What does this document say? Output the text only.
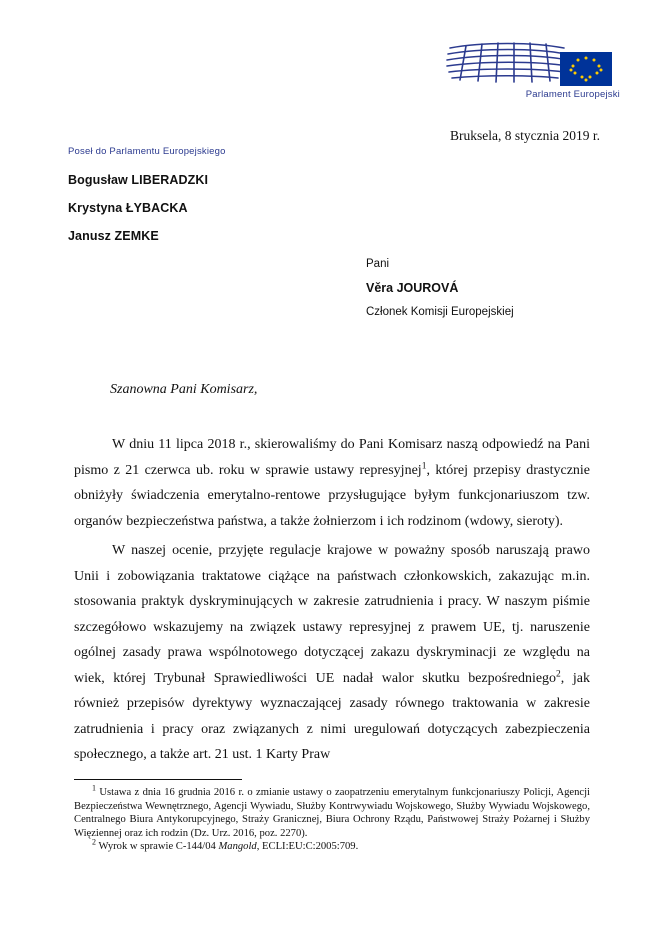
Parlament Europejski
Bruksela, 8 stycznia 2019 r.
Poseł do Parlamentu Europejskiego
Bogusław LIBERADZKI
Krystyna ŁYBACKA
Janusz ZEMKE
Pani
Věra JOUROVÁ
Członek Komisji Europejskiej
Szanowna Pani Komisarz,

W dniu 11 lipca 2018 r., skierowaliśmy do Pani Komisarz naszą odpowiedź na Pani pismo z 21 czerwca ub. roku w sprawie ustawy represyjnej$^1$, której przepisy drastycznie obniżyły świadczenia emerytalno-rentowe przysługujące byłym funkcjonariuszom tzw. organów bezpieczeństwa państwa, a także żołnierzom i ich rodzinom (wdowy, sieroty).

W naszej ocenie, przyjęte regulacje krajowe w poważny sposób naruszają prawo Unii i zobowiązania traktatowe ciążące na państwach członkowskich, zakazując m.in. stosowania praktyk dyskryminujących w zakresie zatrudnienia i pracy. W naszym piśmie szczegółowo wskazujemy na związek ustawy represyjnej z prawem UE, tj. naruszenie ogólnej zasady prawa wspólnotowego dotyczącej zakazu dyskryminacji ze względu na wiek, której Trybunał Sprawiedliwości UE nadał walor skutku bezpośredniego$^2$, jak również przepisów dyrektywy wyznaczającej zasady równego traktowania w zakresie zatrudnienia i pracy oraz związanych z nimi uregulowań dotyczących zabezpieczenia społecznego, a także art. 21 ust. 1 Karty Praw

$^1$ Ustawa z dnia 16 grudnia 2016 r. o zmianie ustawy o zaopatrzeniu emerytalnym funkcjonariuszy Policji, Agencji Bezpieczeństwa Wewnętrznego, Agencji Wywiadu, Służby Kontrwywiadu Wojskowego, Służby Wywiadu Wojskowego, Centralnego Biura Antykorupcyjnego, Straży Granicznej, Biura Ochrony Rządu, Państwowej Straży Pożarnej i Służby Więziennej oraz ich rodzin (Dz. Urz. 2016, poz. 2270).

$^2$ Wyrok w sprawie C-144/04 Mangold, ECLI:EU:C:2005:709.
